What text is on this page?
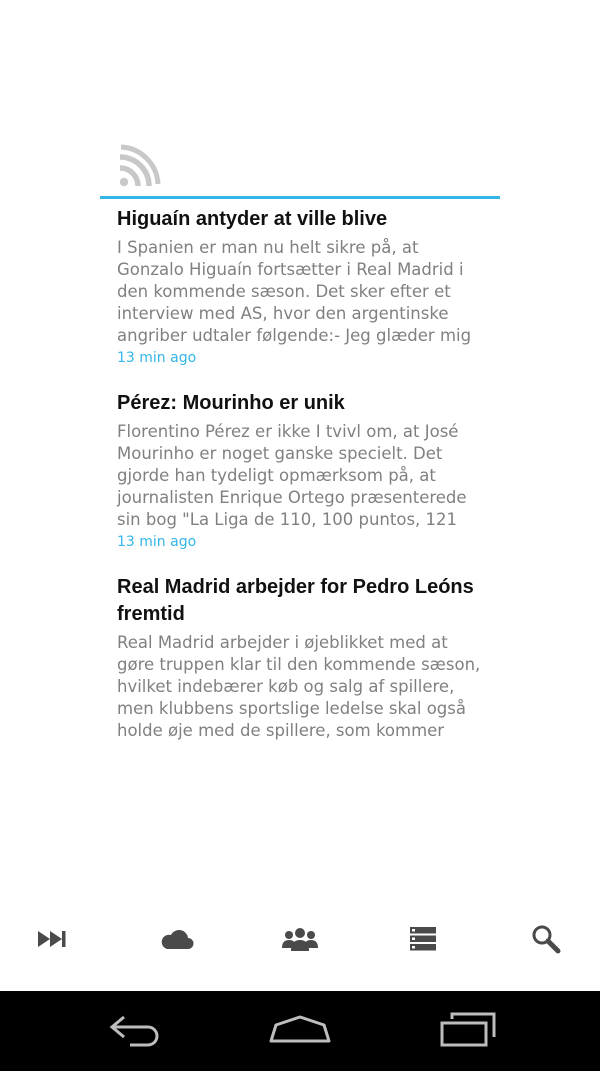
Higuaín antyder at ville blive
I Spanien er man nu helt sikre på, at Gonzalo Higuaín fortsætter i Real Madrid i den kommende sæson. Det sker efter et interview med AS, hvor den argentinske angriber udtaler følgende:- Jeg glæder mig
13 min ago
Pérez: Mourinho er unik
Florentino Pérez er ikke I tvivl om, at José Mourinho er noget ganske specielt. Det gjorde han tydeligt opmærksom på, at journalisten Enrique Ortego præsenterede sin bog "La Liga de 110, 100 puntos, 121
13 min ago
Real Madrid arbejder for Pedro Leóns fremtid
Real Madrid arbejder i øjeblikket med at gøre truppen klar til den kommende sæson, hvilket indebærer køb og salg af spillere, men klubbens sportslige ledelse skal også holde øje med de spillere, som kommer
